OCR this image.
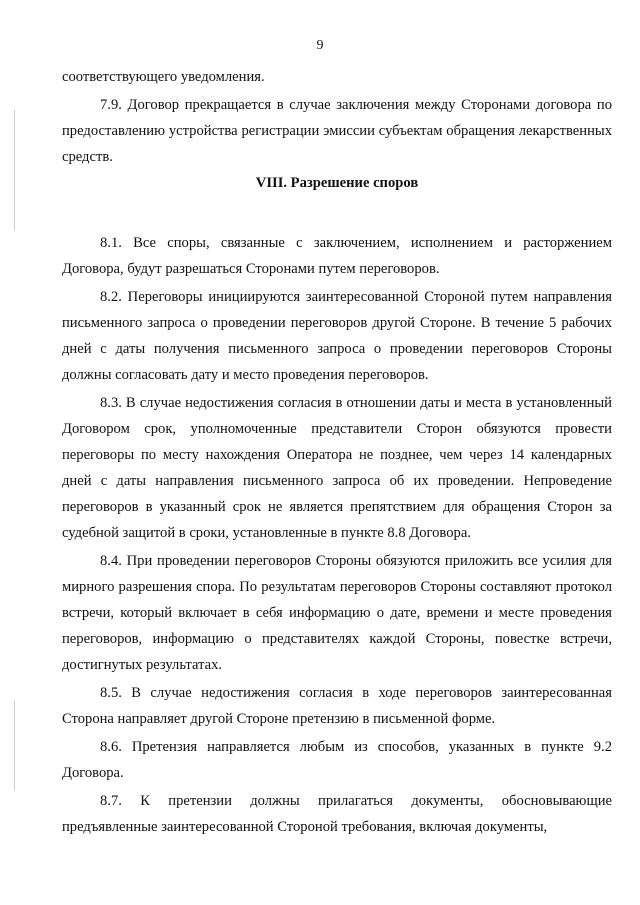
9

соответствующего уведомления.

7.9. Договор прекращается в случае заключения между Сторонами договора по предоставлению устройства регистрации эмиссии субъектам обращения лекарственных средств.

VIII. Разрешение споров

8.1. Все споры, связанные с заключением, исполнением и расторжением Договора, будут разрешаться Сторонами путем переговоров.

8.2. Переговоры инициируются заинтересованной Стороной путем направления письменного запроса о проведении переговоров другой Стороне. В течение 5 рабочих дней с даты получения письменного запроса о проведении переговоров Стороны должны согласовать дату и место проведения переговоров.

8.3. В случае недостижения согласия в отношении даты и места в установленный Договором срок, уполномоченные представители Сторон обязуются провести переговоры по месту нахождения Оператора не позднее, чем через 14 календарных дней с даты направления письменного запроса об их проведении. Непроведение переговоров в указанный срок не является препятствием для обращения Сторон за судебной защитой в сроки, установленные в пункте 8.8 Договора.

8.4. При проведении переговоров Стороны обязуются приложить все усилия для мирного разрешения спора. По результатам переговоров Стороны составляют протокол встречи, который включает в себя информацию о дате, времени и месте проведения переговоров, информацию о представителях каждой Стороны, повестке встречи, достигнутых результатах.

8.5. В случае недостижения согласия в ходе переговоров заинтересованная Сторона направляет другой Стороне претензию в письменной форме.

8.6. Претензия направляется любым из способов, указанных в пункте 9.2 Договора.

8.7. К претензии должны прилагаться документы, обосновывающие предъявленные заинтересованной Стороной требования, включая документы,
